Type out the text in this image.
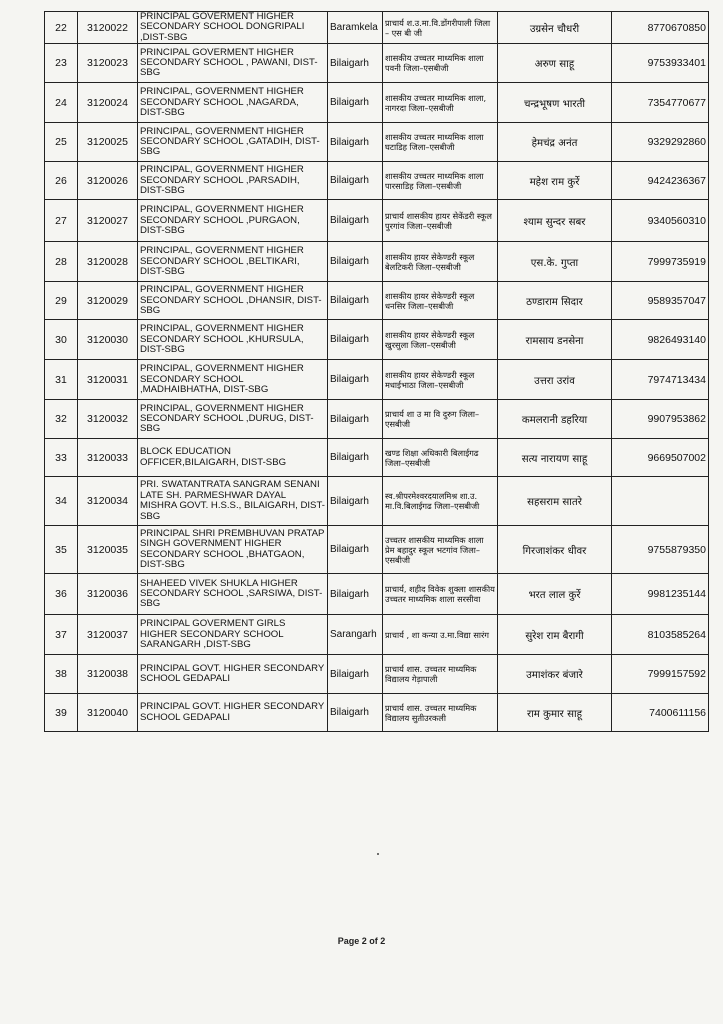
22	3120022	PRINCIPAL GOVERMENT HIGHER SECONDARY SCHOOL DONGRIPALI ,DIST-SBG	Baramkela	प्राचार्य श.उ.मा.वि.डोंगरीपाली जिला – एस बी जी	उग्रसेन चौधरी	8770670850
23	3120023	PRINCIPAL GOVERMENT HIGHER SECONDARY SCHOOL , PAWANI, DIST-SBG	Bilaigarh	शासकीय उच्चतर माध्यमिक शाला पवनी जिला–एसबीजी	अरुण साहू	9753933401
24	3120024	PRINCIPAL, GOVERNMENT HIGHER SECONDARY SCHOOL ,NAGARDA, DIST-SBG	Bilaigarh	शासकीय उच्चतर माध्यमिक शाला, नागरदा जिला–एसबीजी	चन्द्रभूषण भारती	7354770677
25	3120025	PRINCIPAL, GOVERNMENT HIGHER SECONDARY SCHOOL ,GATADIH, DIST-SBG	Bilaigarh	शासकीय उच्चतर माध्यमिक शाला घटाडिह जिला–एसबीजी	हेमचंद्र अनंत	9329292860
26	3120026	PRINCIPAL, GOVERNMENT HIGHER SECONDARY SCHOOL ,PARSADIH, DIST-SBG	Bilaigarh	शासकीय उच्चतर माध्यमिक शाला पारसाडिह जिला–एसबीजी	महेश राम कुर्रे	9424236367
27	3120027	PRINCIPAL, GOVERNMENT HIGHER SECONDARY SCHOOL ,PURGAON, DIST-SBG	Bilaigarh	प्राचार्य शासकीय हायर सेकेंडरी स्कूल पुरगांव जिला–एसबीजी	श्याम सुन्दर सबर	9340560310
28	3120028	PRINCIPAL, GOVERNMENT HIGHER SECONDARY SCHOOL ,BELTIKARI, DIST-SBG	Bilaigarh	शासकीय हायर सेकेण्डरी स्कूल बेलटिकरी जिला–एसबीजी	एस.के. गुप्ता	7999735919
29	3120029	PRINCIPAL, GOVERNMENT HIGHER SECONDARY SCHOOL ,DHANSIR, DIST-SBG	Bilaigarh	शासकीय हायर सेकेण्डरी स्कूल धनसिर जिला–एसबीजी	ठण्डाराम सिदार	9589357047
30	3120030	PRINCIPAL, GOVERNMENT HIGHER SECONDARY SCHOOL ,KHURSULA, DIST-SBG	Bilaigarh	शासकीय हायर सेकेण्डरी स्कूल खुरसुला जिला–एसबीजी	रामसाय डनसेना	9826493140
31	3120031	PRINCIPAL, GOVERNMENT HIGHER SECONDARY SCHOOL ,MADHAIBHATHA, DIST-SBG	Bilaigarh	शासकीय हायर सेकेण्डरी स्कूल मधाईभाठा जिला–एसबीजी	उत्तरा उरांव	7974713434
32	3120032	PRINCIPAL, GOVERNMENT HIGHER SECONDARY SCHOOL ,DURUG, DIST-SBG	Bilaigarh	प्राचार्य शा उ मा वि दुरुग जिला–एसबीजी	कमलरानी डहरिया	9907953862
33	3120033	BLOCK EDUCATION OFFICER,BILAIGARH, DIST-SBG	Bilaigarh	खण्ड शिक्षा अधिकारी बिलाईगढ जिला–एसबीजी	सत्य नारायण साहू	9669507002
34	3120034	PRI. SWATANTRATA SANGRAM SENANI LATE SH. PARMESHWAR DAYAL MISHRA GOVT. H.S.S., BILAIGARH, DIST-SBG	Bilaigarh	स्व.श्रीपरमेश्वरदयालमिश्र शा.उ. मा.वि.बिलाईगढ जिला–एसबीजी	सहसराम सातरे	
35	3120035	PRINCIPAL SHRI PREMBHUVAN PRATAP SINGH GOVERNMENT HIGHER SECONDARY SCHOOL ,BHATGAON, DIST-SBG	Bilaigarh	उच्चतर शासकीय माध्यमिक शाला प्रेम बहादुर स्कूल भटगांव जिला–एसबीजी	गिरजाशंकर धीवर	9755879350
36	3120036	SHAHEED VIVEK SHUKLA HIGHER SECONDARY SCHOOL ,SARSIWA, DIST-SBG	Bilaigarh	प्राचार्य, शहीद विवेक शुक्ला शासकीय उच्चतर माध्यमिक शाला सरसीवा	भरत लाल कुर्रे	9981235144
37	3120037	PRINCIPAL GOVERMENT GIRLS HIGHER SECONDARY SCHOOL SARANGARH ,DIST-SBG	Sarangarh	प्राचार्य , शा कन्या उ.मा.विद्या सारंग	सुरेश राम बैरागी	8103585264
38	3120038	PRINCIPAL GOVT. HIGHER SECONDARY SCHOOL GEDAPALI	Bilaigarh	प्राचार्य शास. उच्चतर माध्यमिक विद्यालय गेड़ापाली	उमाशंकर बंजारे	7999157592
39	3120040	PRINCIPAL GOVT. HIGHER SECONDARY SCHOOL GEDAPALI	Bilaigarh	प्राचार्य शास. उच्चतर माध्यमिक विद्यालय सुतीउरकली	राम कुमार साहू	7400611156
Page 2 of 2
